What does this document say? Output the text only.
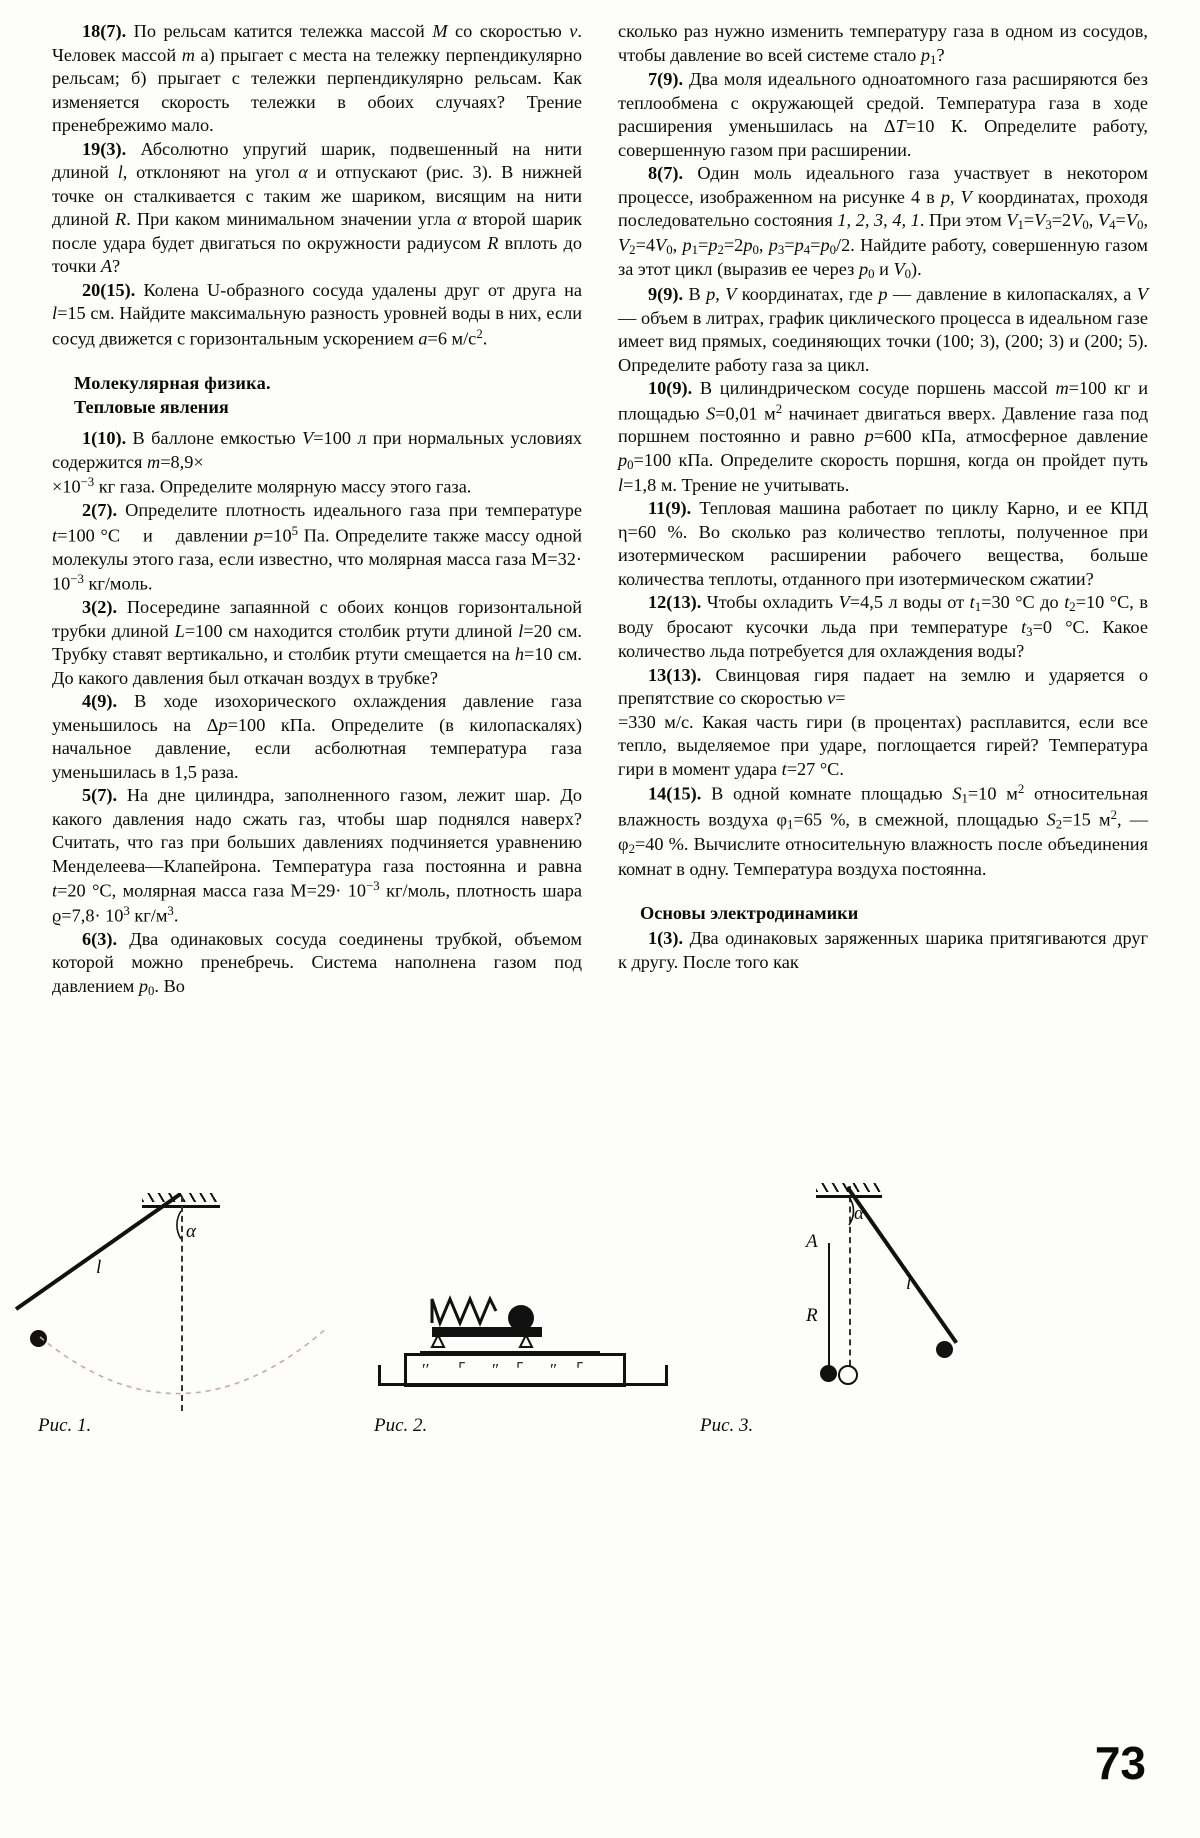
18(7). По рельсам катится тележка массой M со скоростью v. Человек массой m а) прыгает с места на тележку перпендикулярно рельсам; б) прыгает с тележки перпендикулярно рельсам. Как изменяется скорость тележки в обоих случаях? Трение пренебрежимо мало.

19(3). Абсолютно упругий шарик, подвешенный на нити длиной l, отклоняют на угол α и отпускают (рис. 3). В нижней точке он сталкивается с таким же шариком, висящим на нити длиной R. При каком минимальном значении угла α второй шарик после удара будет двигаться по окружности радиусом R вплоть до точки A?

20(15). Колена U-образного сосуда удалены друг от друга на l=15 см. Найдите максимальную разность уровней воды в них, если сосуд движется с горизонтальным ускорением a=6 $м/с^2$.

Молекулярная физика.

Тепловые явления

1(10). В баллоне емкостью V=100 л при нормальных условиях содержится m=8,9×
$\times 10^{-3}$ кг газа. Определите молярную массу этого газа.

2(7). Определите плотность идеального газа при температуре t=100 °C    и    давлении $p=10^5$ Па. Определите также массу одной молекулы этого газа, если известно, что молярная масса газа $M=32\cdot 10^{-3}$ кг/моль.

3(2). Посередине запаянной с обоих концов горизонтальной трубки длиной L=100 см находится столбик ртути длиной l=20 см. Трубку ставят вертикально, и столбик ртути смещается на h=10 см. До какого давления был откачан воздух в трубке?

4(9). В ходе изохорического охлаждения давление газа уменьшилось на Δp=100 кПа. Определите (в килопаскалях) начальное давление, если асболютная температура газа уменьшилась в 1,5 раза.

5(7). На дне цилиндра, заполненного газом, лежит шар. До какого давления надо сжать газ, чтобы шар поднялся наверх? Считать, что газ при больших давлениях подчиняется уравнению Менделеева—Клапейрона. Температура газа постоянна и равна t=20 °C, молярная масса газа $M=29\cdot 10^{-3}$ кг/моль, плотность шара $ϱ=7,8\cdot 10^3$ $кг/м^3$.

6(3). Два одинаковых сосуда соединены трубкой, объемом которой можно пренебречь. Система наполнена газом под давлением $p_0$. Во

сколько раз нужно изменить температуру газа в одном из сосудов, чтобы давление во всей системе стало $p_1$?

7(9). Два моля идеального одноатомного газа расширяются без теплообмена с окружающей средой. Температура газа в ходе расширения уменьшилась на ΔT=10 К. Определите работу, совершенную газом при расширении.

8(7). Один моль идеального газа участвует в некотором процессе, изображенном на рисунке 4 в p, V координатах, проходя последовательно состояния 1, 2, 3, 4, 1. При этом $V_1=V_3=2V_0$, $V_4=V_0$, $V_2=4V_0$, $p_1=p_2=2p_0$, $p_3=p_4=p_0/2$. Найдите работу, совершенную газом за этот цикл (выразив ее через $p_0$ и $V_0$).

9(9). В p, V координатах, где p — давление в килопаскалях, а V — объем в литрах, график циклического процесса в идеальном газе имеет вид прямых, соединяющих точки (100; 3), (200; 3) и (200; 5). Определите работу газа за цикл.

10(9). В цилиндрическом сосуде поршень массой m=100 кг и площадью S=0,01 $м^2$ начинает двигаться вверх. Давление газа под поршнем постоянно и равно p=600 кПа, атмосферное давление $p_0=100$ кПа. Определите скорость поршня, когда он пройдет путь l=1,8 м. Трение не учитывать.

11(9). Тепловая машина работает по циклу Карно, и ее КПД η=60 %. Во сколько раз количество теплоты, полученное при изотермическом расширении рабочего вещества, больше количества теплоты, отданного при изотермическом сжатии?

12(13). Чтобы охладить V=4,5 л воды от $t_1=30$ °C до $t_2=10$ °C, в воду бросают кусочки льда при температуре $t_3=0$ °C. Какое количество льда потребуется для охлаждения воды?

13(13). Свинцовая гиря падает на землю и ударяется о препятствие со скоростью v=
=330 м/с. Какая часть гири (в процентах) расплавится, если все тепло, выделяемое при ударе, поглощается гирей? Температура гири в момент удара t=27 °C.

14(15). В одной комнате площадью $S_1=10$ $м^2$ относительная влажность воздуха $\varphi_1=65$ %, в смежной, площадью $S_2=15$ $м^2$, — $\varphi_2=40$ %. Вычислите относительную влажность после объединения комнат в одну. Температура воздуха постоянна.

Основы электродинамики

1(3). Два одинаковых заряженных шарика притягиваются друг к другу. После того как

α
l
Рис. 1.
′′ ⌜ ″ ⌜ ″ ⌜
Рис. 2.
α
A
R
l
Рис. 3.
73
